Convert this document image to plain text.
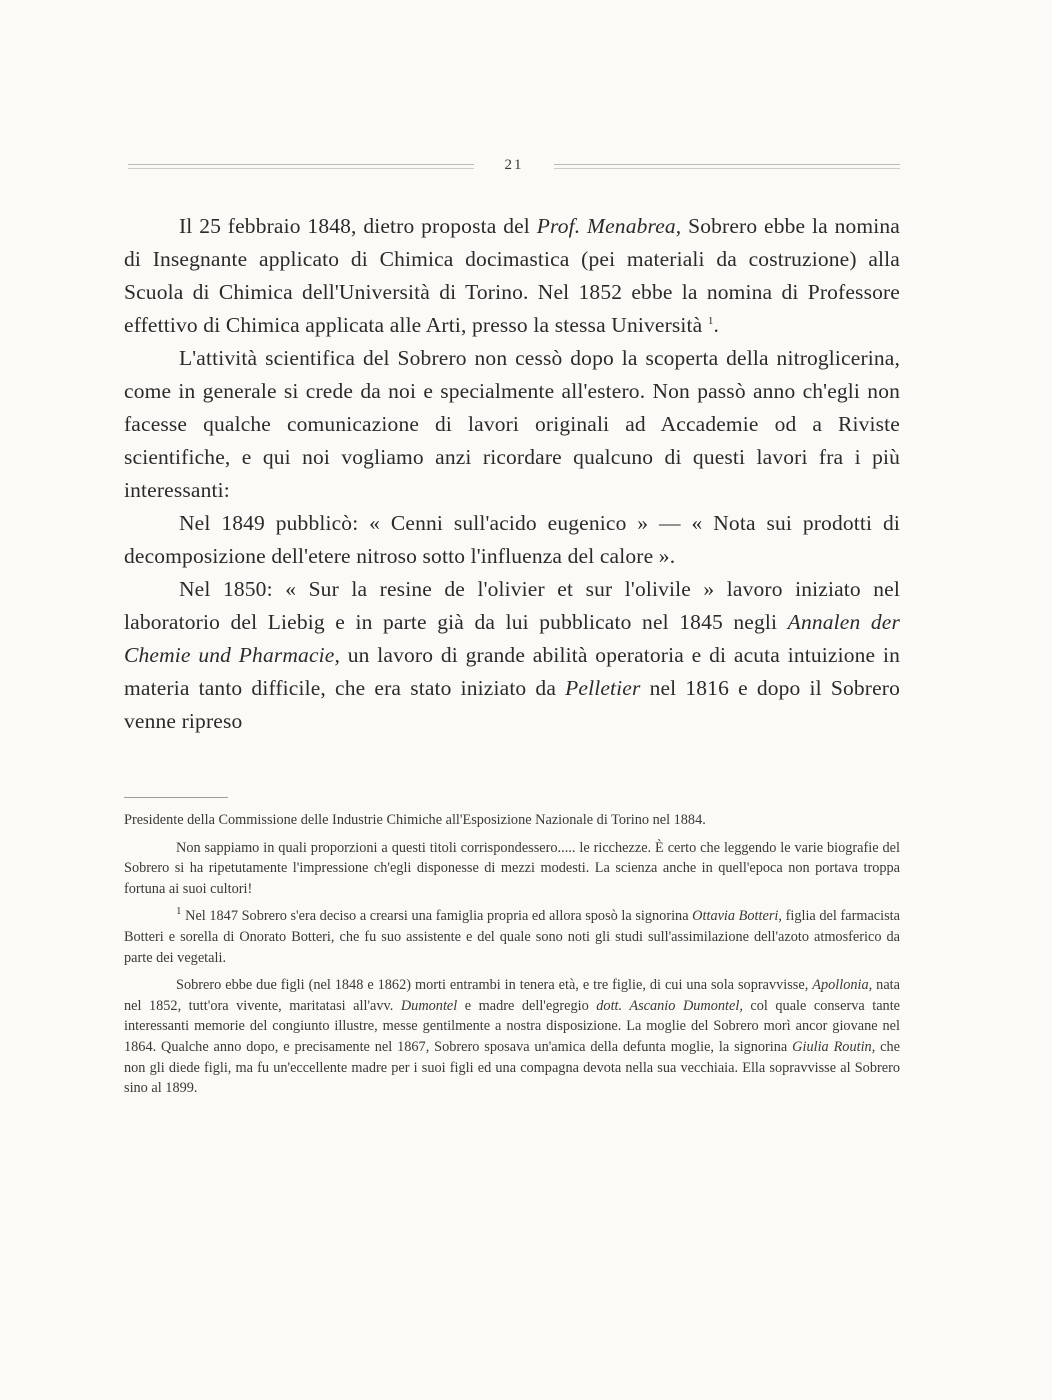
21

Il 25 febbraio 1848, dietro proposta del Prof. Menabrea, Sobrero ebbe la nomina di Insegnante applicato di Chimica docimastica (pei materiali da costruzione) alla Scuola di Chimica dell'Università di Torino. Nel 1852 ebbe la nomina di Professore effettivo di Chimica applicata alle Arti, presso la stessa Università $^1$.

L'attività scientifica del Sobrero non cessò dopo la scoperta della nitroglicerina, come in generale si crede da noi e specialmente all'estero. Non passò anno ch'egli non facesse qualche comunicazione di lavori originali ad Accademie od a Riviste scientifiche, e qui noi vogliamo anzi ricordare qualcuno di questi lavori fra i più interessanti:

Nel 1849 pubblicò: « Cenni sull'acido eugenico » — « Nota sui prodotti di decomposizione dell'etere nitroso sotto l'influenza del calore ».

Nel 1850: « Sur la resine de l'olivier et sur l'olivile » lavoro iniziato nel laboratorio del Liebig e in parte già da lui pubblicato nel 1845 negli Annalen der Chemie und Pharmacie, un lavoro di grande abilità operatoria e di acuta intuizione in materia tanto difficile, che era stato iniziato da Pelletier nel 1816 e dopo il Sobrero venne ripreso

Presidente della Commissione delle Industrie Chimiche all'Esposizione Nazionale di Torino nel 1884.

Non sappiamo in quali proporzioni a questi titoli corrispondessero..... le ricchezze. È certo che leggendo le varie biografie del Sobrero si ha ripetutamente l'impressione ch'egli disponesse di mezzi modesti. La scienza anche in quell'epoca non portava troppa fortuna ai suoi cultori!

$^1$ Nel 1847 Sobrero s'era deciso a crearsi una famiglia propria ed allora sposò la signorina Ottavia Botteri, figlia del farmacista Botteri e sorella di Onorato Botteri, che fu suo assistente e del quale sono noti gli studi sull'assimilazione dell'azoto atmosferico da parte dei vegetali.

Sobrero ebbe due figli (nel 1848 e 1862) morti entrambi in tenera età, e tre figlie, di cui una sola sopravvisse, Apollonia, nata nel 1852, tutt'ora vivente, maritatasi all'avv. Dumontel e madre dell'egregio dott. Ascanio Dumontel, col quale conserva tante interessanti memorie del congiunto illustre, messe gentilmente a nostra disposizione. La moglie del Sobrero morì ancor giovane nel 1864. Qualche anno dopo, e precisamente nel 1867, Sobrero sposava un'amica della defunta moglie, la signorina Giulia Routin, che non gli diede figli, ma fu un'eccellente madre per i suoi figli ed una compagna devota nella sua vecchiaia. Ella sopravvisse al Sobrero sino al 1899.
